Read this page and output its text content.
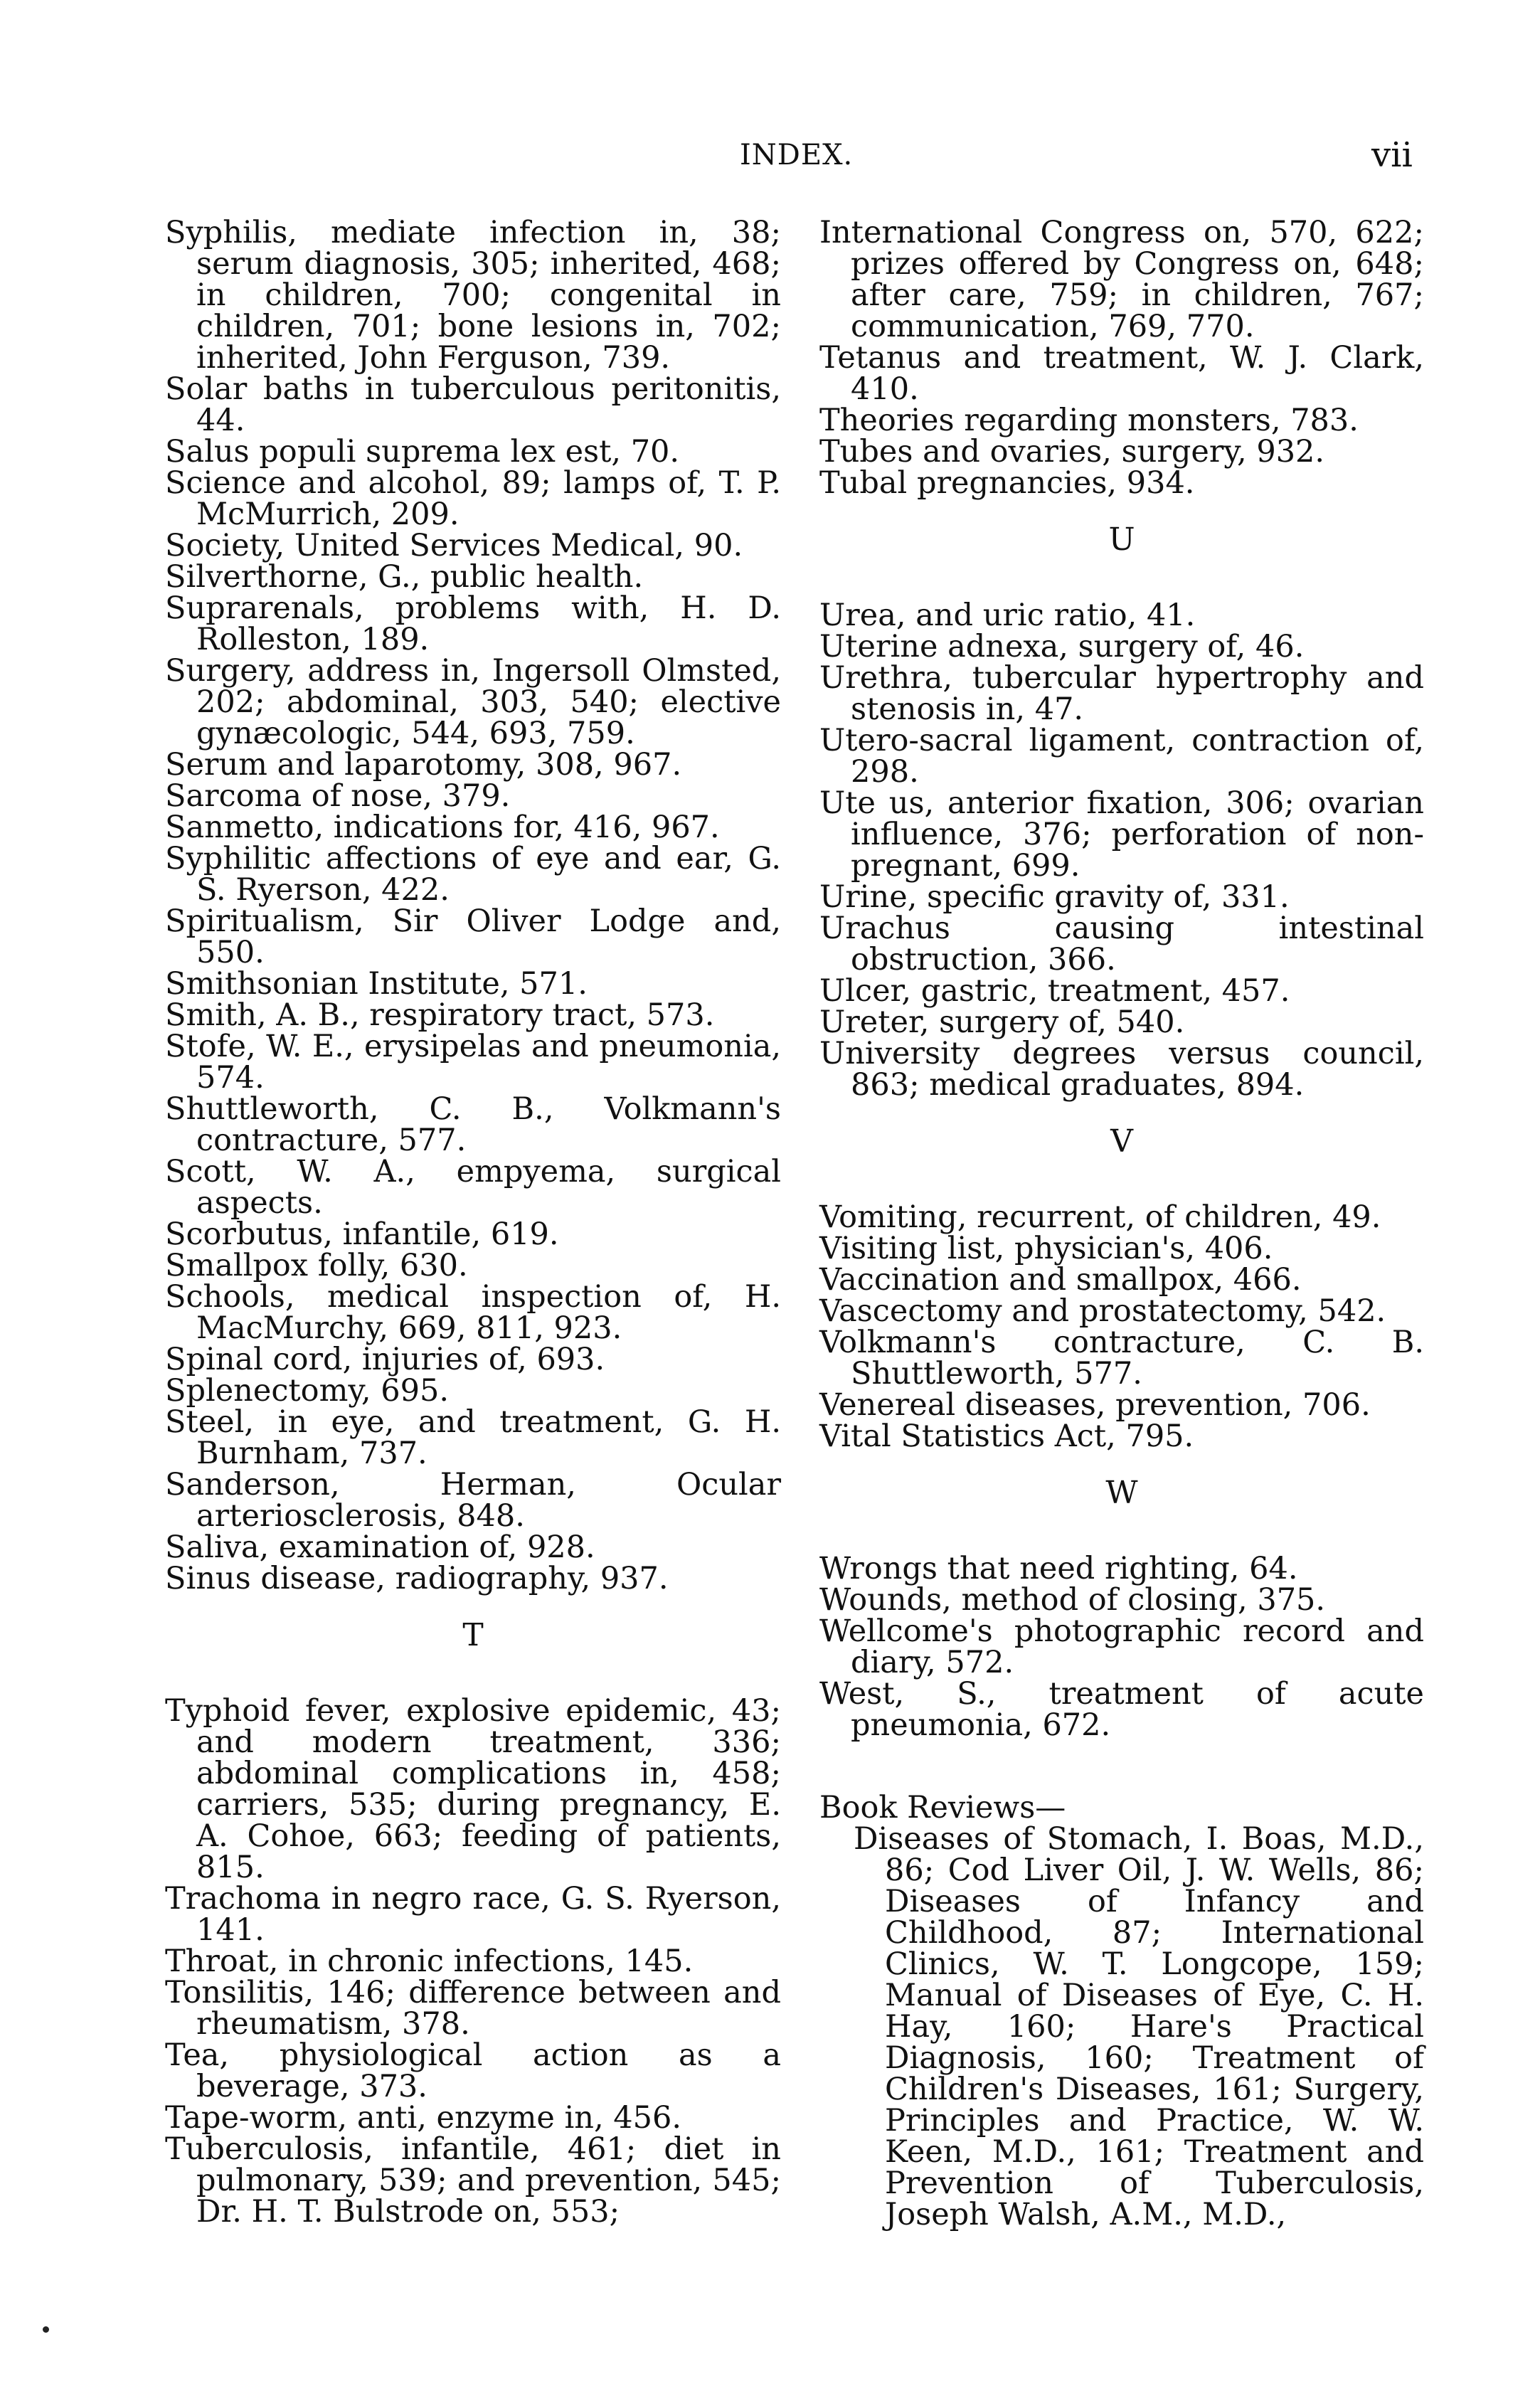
INDEX.	vii

Syphilis, mediate infection in, 38; serum diagnosis, 305; inherited, 468; in children, 700; congenital in children, 701; bone lesions in, 702; inherited, John Ferguson, 739.

Solar baths in tuberculous peritonitis, 44.

Salus populi suprema lex est, 70.

Science and alcohol, 89; lamps of, T. P. McMurrich, 209.

Society, United Services Medical, 90.

Silverthorne, G., public health.

Suprarenals, problems with, H. D. Rolleston, 189.

Surgery, address in, Ingersoll Olmsted, 202; abdominal, 303, 540; elective gynæcologic, 544, 693, 759.

Serum and laparotomy, 308, 967.

Sarcoma of nose, 379.

Sanmetto, indications for, 416, 967.

Syphilitic affections of eye and ear, G. S. Ryerson, 422.

Spiritualism, Sir Oliver Lodge and, 550.

Smithsonian Institute, 571.

Smith, A. B., respiratory tract, 573.

Stofe, W. E., erysipelas and pneumonia, 574.

Shuttleworth, C. B., Volkmann's contracture, 577.

Scott, W. A., empyema, surgical aspects.

Scorbutus, infantile, 619.

Smallpox folly, 630.

Schools, medical inspection of, H. MacMurchy, 669, 811, 923.

Spinal cord, injuries of, 693.

Splenectomy, 695.

Steel, in eye, and treatment, G. H. Burnham, 737.

Sanderson, Herman, Ocular arteriosclerosis, 848.

Saliva, examination of, 928.

Sinus disease, radiography, 937.

T

Typhoid fever, explosive epidemic, 43; and modern treatment, 336; abdominal complications in, 458; carriers, 535; during pregnancy, E. A. Cohoe, 663; feeding of patients, 815.

Trachoma in negro race, G. S. Ryerson, 141.

Throat, in chronic infections, 145.

Tonsilitis, 146; difference between and rheumatism, 378.

Tea, physiological action as a beverage, 373.

Tape-worm, anti, enzyme in, 456.

Tuberculosis, infantile, 461; diet in pulmonary, 539; and prevention, 545; Dr. H. T. Bulstrode on, 553;

International Congress on, 570, 622; prizes offered by Congress on, 648; after care, 759; in children, 767; communication, 769, 770.

Tetanus and treatment, W. J. Clark, 410.

Theories regarding monsters, 783.

Tubes and ovaries, surgery, 932.

Tubal pregnancies, 934.

U

Urea, and uric ratio, 41.

Uterine adnexa, surgery of, 46.

Urethra, tubercular hypertrophy and stenosis in, 47.

Utero-sacral ligament, contraction of, 298.

Ute us, anterior fixation, 306; ovarian influence, 376; perforation of non-pregnant, 699.

Urine, specific gravity of, 331.

Urachus causing intestinal obstruction, 366.

Ulcer, gastric, treatment, 457.

Ureter, surgery of, 540.

University degrees versus council, 863; medical graduates, 894.

V

Vomiting, recurrent, of children, 49.

Visiting list, physician's, 406.

Vaccination and smallpox, 466.

Vascectomy and prostatectomy, 542.

Volkmann's contracture, C. B. Shuttleworth, 577.

Venereal diseases, prevention, 706.

Vital Statistics Act, 795.

W

Wrongs that need righting, 64.

Wounds, method of closing, 375.

Wellcome's photographic record and diary, 572.

West, S., treatment of acute pneumonia, 672.

Book Reviews—

Diseases of Stomach, I. Boas, M.D., 86; Cod Liver Oil, J. W. Wells, 86; Diseases of Infancy and Childhood, 87; International Clinics, W. T. Longcope, 159; Manual of Diseases of Eye, C. H. Hay, 160; Hare's Practical Diagnosis, 160; Treatment of Children's Diseases, 161; Surgery, Principles and Practice, W. W. Keen, M.D., 161; Treatment and Prevention of Tuberculosis, Joseph Walsh, A.M., M.D.,
